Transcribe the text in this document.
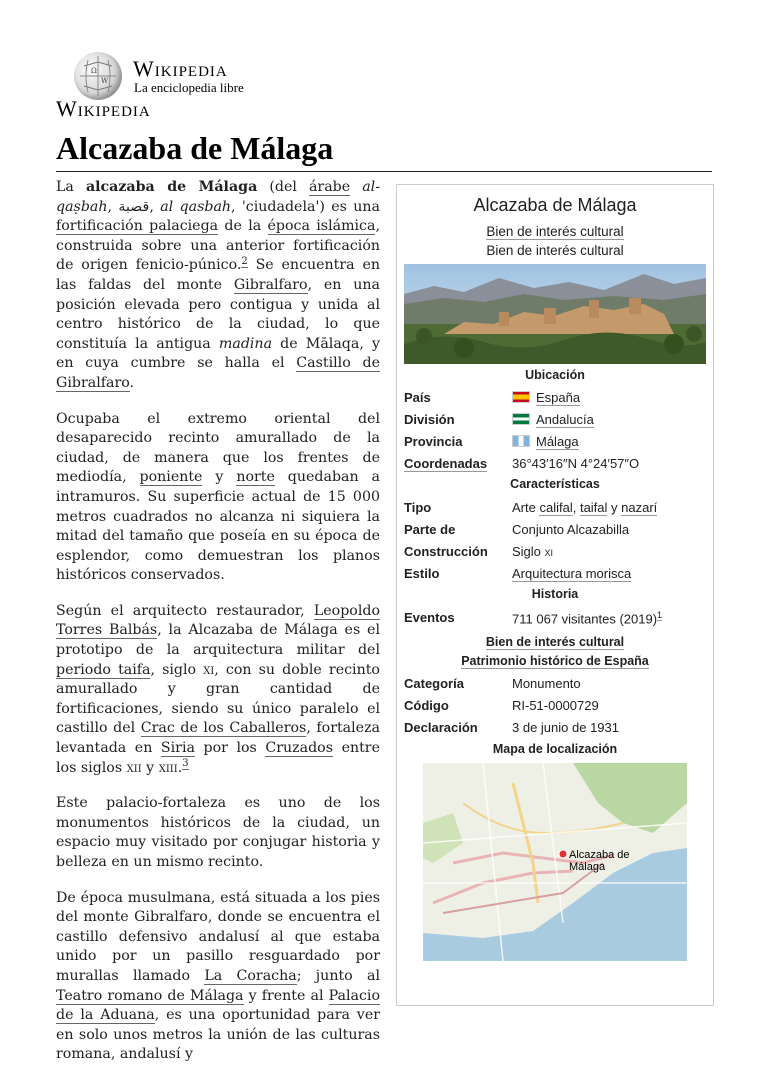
Ω
W Wikipedia
La enciclopedia libre
Wikipedia
Alcazaba de Málaga

La alcazaba de Málaga (del árabe al-qaṣbah, قصبة, al qasbah, 'ciudadela') es una fortificación palaciega de la época islámica, construida sobre una anterior fortificación de origen fenicio-púnico.$^2$ Se encuentra en las faldas del monte Gibralfaro, en una posición elevada pero contigua y unida al centro histórico de la ciudad, lo que constituía la antigua madina de Mālaqa, y en cuya cumbre se halla el Castillo de Gibralfaro.

Ocupaba el extremo oriental del desaparecido recinto amurallado de la ciudad, de manera que los frentes de mediodía, poniente y norte quedaban a intramuros. Su superficie actual de 15 000 metros cuadrados no alcanza ni siquiera la mitad del tamaño que poseía en su época de esplendor, como demuestran los planos históricos conservados.

Según el arquitecto restaurador, Leopoldo Torres Balbás, la Alcazaba de Málaga es el prototipo de la arquitectura militar del periodo taifa, siglo xi, con su doble recinto amurallado y gran cantidad de fortificaciones, siendo su único paralelo el castillo del Crac de los Caballeros, fortaleza levantada en Siria por los Cruzados entre los siglos xii y xiii.$^3$

Este palacio-fortaleza es uno de los monumentos históricos de la ciudad, un espacio muy visitado por conjugar historia y belleza en un mismo recinto.

De época musulmana, está situada a los pies del monte Gibralfaro, donde se encuentra el castillo defensivo andalusí al que estaba unido por un pasillo resguardado por murallas llamado La Coracha; junto al Teatro romano de Málaga y frente al Palacio de la Aduana, es una oportunidad para ver en solo unos metros la unión de las culturas romana, andalusí y

Alcazaba de Málaga
Bien de interés cultural
Bien de interés cultural
Ubicación
País	España
División	Andalucía
Provincia	Málaga
Coordenadas 36°43′16″N 4°24′57″O
Características
Tipo	Arte califal, taifal y nazarí
Parte de	Conjunto Alcazabilla
Construcción Siglo xi
Estilo	Arquitectura morisca
Historia
Eventos	711 067 visitantes $(2019)^1$
Bien de interés cultural
Patrimonio histórico de España
Categoría	Monumento
Código	RI-51-0000729
Declaración	3 de junio de 1931
Mapa de localización
Alcazaba de Málaga
